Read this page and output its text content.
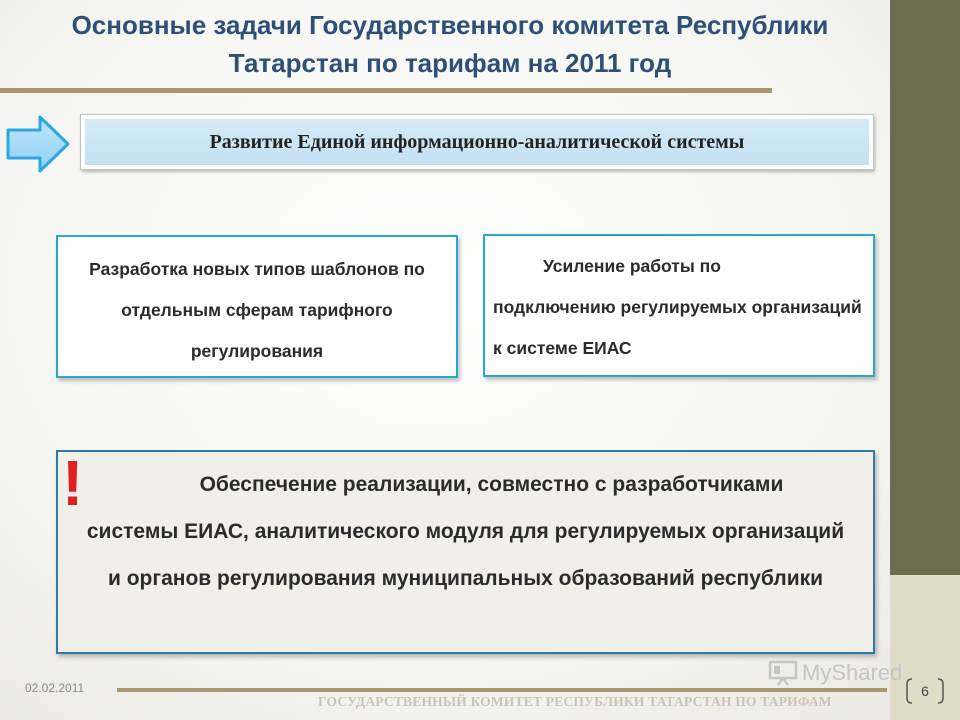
Основные задачи Государственного комитета Республики Татарстан по тарифам на 2011 год
Развитие Единой информационно-аналитической системы
Разработка новых типов шаблонов по отдельным сферам тарифного регулирования
Усиление работы по
подключению регулируемых организаций к системе ЕИАС
Обеспечение реализации, совместно с разработчиками
системы ЕИАС, аналитического модуля для регулируемых организаций и органов регулирования муниципальных образований республики
!
02.02.2011
ГОСУДАРСТВЕННЫЙ КОМИТЕТ РЕСПУБЛИКИ ТАТАРСТАН ПО ТАРИФАМ
MyShared
6
